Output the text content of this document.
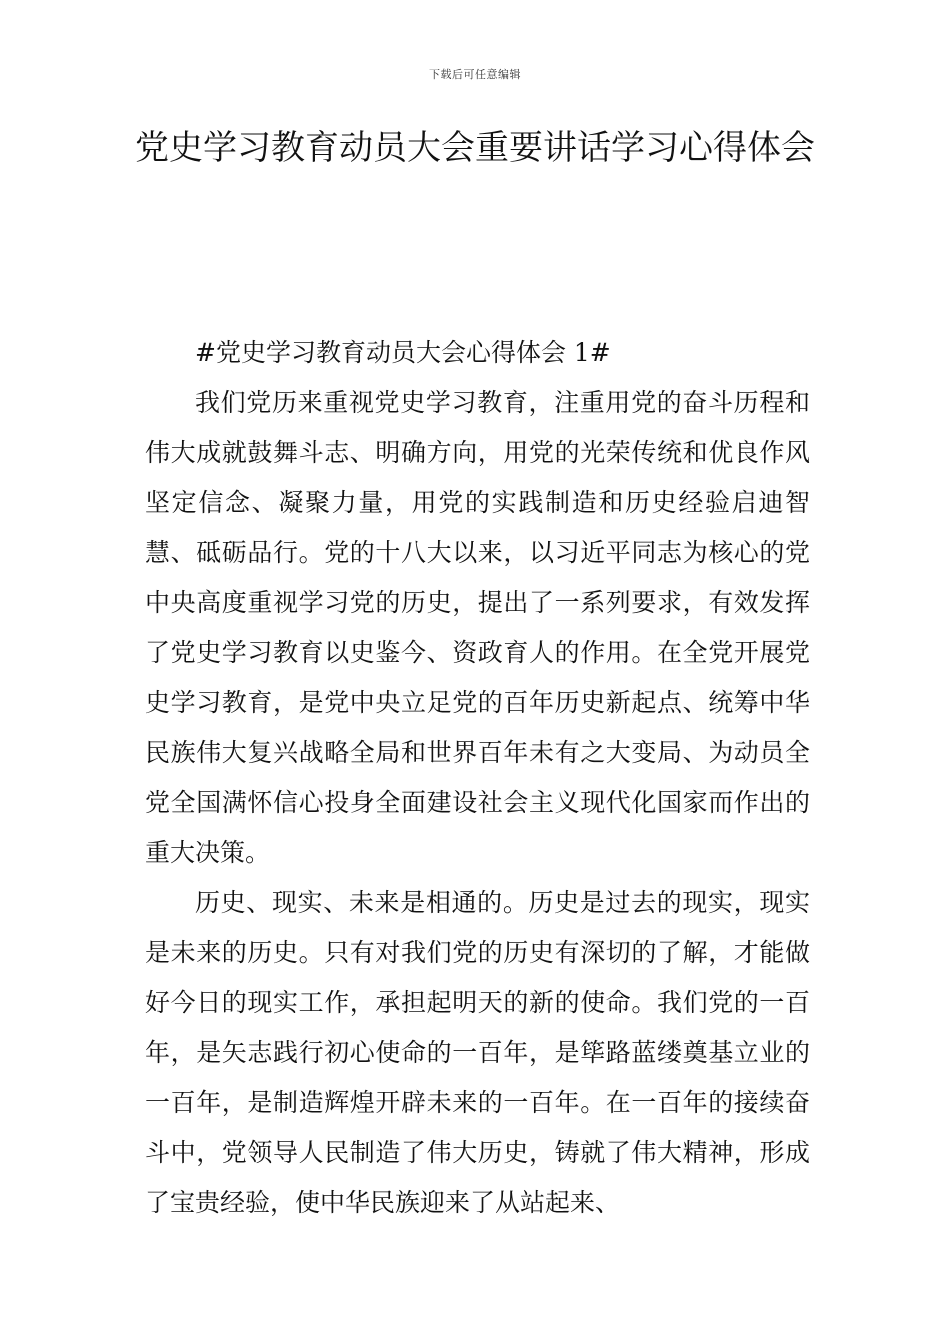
下载后可任意编辑
党史学习教育动员大会重要讲话学习心得体会

#党史学习教育动员大会心得体会 1#

我们党历来重视党史学习教育，注重用党的奋斗历程和伟大成就鼓舞斗志、明确方向，用党的光荣传统和优良作风坚定信念、凝聚力量，用党的实践制造和历史经验启迪智慧、砥砺品行。党的十八大以来，以习近平同志为核心的党中央高度重视学习党的历史，提出了一系列要求，有效发挥了党史学习教育以史鉴今、资政育人的作用。在全党开展党史学习教育，是党中央立足党的百年历史新起点、统筹中华民族伟大复兴战略全局和世界百年未有之大变局、为动员全党全国满怀信心投身全面建设社会主义现代化国家而作出的重大决策。

历史、现实、未来是相通的。历史是过去的现实，现实是未来的历史。只有对我们党的历史有深切的了解，才能做好今日的现实工作，承担起明天的新的使命。我们党的一百年，是矢志践行初心使命的一百年，是筚路蓝缕奠基立业的一百年，是制造辉煌开辟未来的一百年。在一百年的接续奋斗中，党领导人民制造了伟大历史，铸就了伟大精神，形成了宝贵经验，使中华民族迎来了从站起来、
